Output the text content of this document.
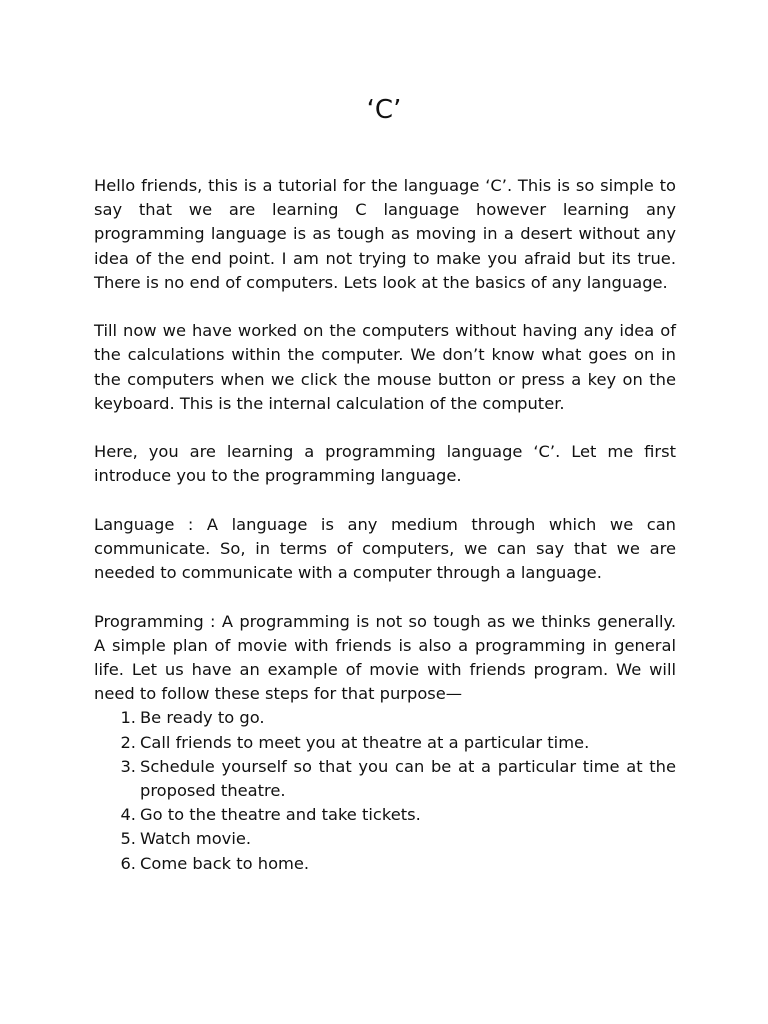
‘C’

Hello friends, this is a tutorial for the language ‘C’. This is so simple to say that we are learning C language however learning any programming language is as tough as moving in a desert without any idea of the end point. I am not trying to make you afraid but its true. There is no end of computers. Lets look at the basics of any language.

Till now we have worked on the computers without having any idea of the calculations within the computer. We don’t know what goes on in the computers when we click the mouse button or press a key on the keyboard. This is the internal calculation of the computer.

Here, you are learning a programming language ‘C’. Let me first introduce you to the programming language.

Language : A language is any medium through which we can communicate. So, in terms of computers, we can say that we are needed to communicate with a computer through a language.

Programming : A programming is not so tough as we thinks generally. A simple plan of movie with friends is also a programming in general life. Let us have an example of movie with friends program. We will need to follow these steps for that purpose—

1. Be ready to go.
2. Call friends to meet you at theatre at a particular time.
3. Schedule yourself so that you can be at a particular time at the proposed theatre.
4. Go to the theatre and take tickets.
5. Watch movie.
6. Come back to home.
